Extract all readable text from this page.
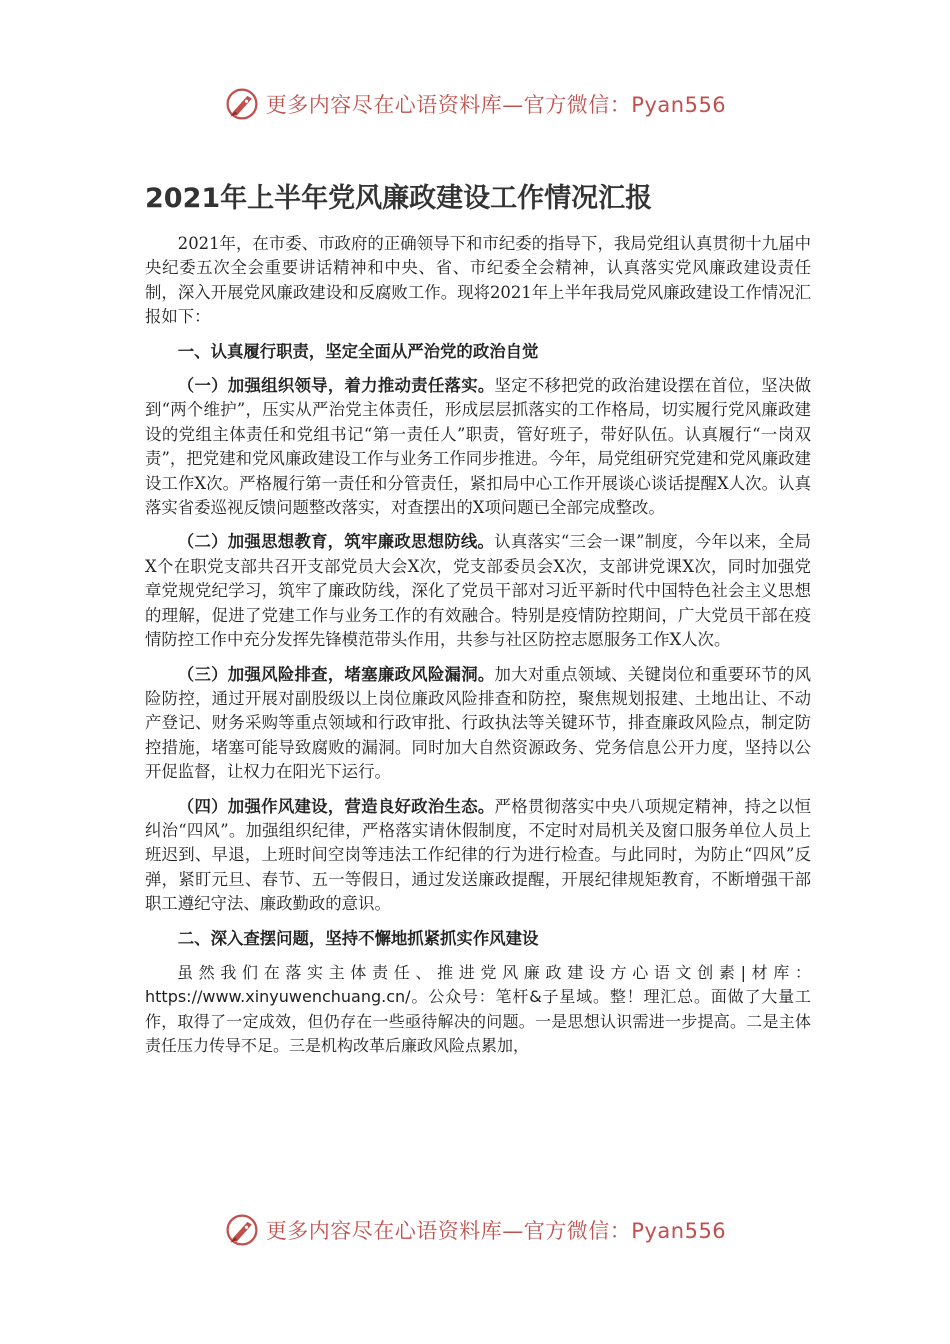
更多内容尽在心语资料库—官方微信：Pyan556
2021年上半年党风廉政建设工作情况汇报

2021年，在市委、市政府的正确领导下和市纪委的指导下，我局党组认真贯彻十九届中央纪委五次全会重要讲话精神和中央、省、市纪委全会精神，认真落实党风廉政建设责任制，深入开展党风廉政建设和反腐败工作。现将2021年上半年我局党风廉政建设工作情况汇报如下：

一、认真履行职责，坚定全面从严治党的政治自觉

（一）加强组织领导，着力推动责任落实。坚定不移把党的政治建设摆在首位，坚决做到“两个维护”，压实从严治党主体责任，形成层层抓落实的工作格局，切实履行党风廉政建设的党组主体责任和党组书记“第一责任人”职责，管好班子，带好队伍。认真履行“一岗双责”，把党建和党风廉政建设工作与业务工作同步推进。今年，局党组研究党建和党风廉政建设工作X次。严格履行第一责任和分管责任，紧扣局中心工作开展谈心谈话提醒X人次。认真落实省委巡视反馈问题整改落实，对查摆出的X项问题已全部完成整改。

（二）加强思想教育，筑牢廉政思想防线。认真落实“三会一课”制度，今年以来，全局X个在职党支部共召开支部党员大会X次，党支部委员会X次，支部讲党课X次，同时加强党章党规党纪学习，筑牢了廉政防线，深化了党员干部对习近平新时代中国特色社会主义思想的理解，促进了党建工作与业务工作的有效融合。特别是疫情防控期间，广大党员干部在疫情防控工作中充分发挥先锋模范带头作用，共参与社区防控志愿服务工作X人次。

（三）加强风险排查，堵塞廉政风险漏洞。加大对重点领域、关键岗位和重要环节的风险防控，通过开展对副股级以上岗位廉政风险排查和防控，聚焦规划报建、土地出让、不动产登记、财务采购等重点领域和行政审批、行政执法等关键环节，排查廉政风险点，制定防控措施，堵塞可能导致腐败的漏洞。同时加大自然资源政务、党务信息公开力度，坚持以公开促监督，让权力在阳光下运行。

（四）加强作风建设，营造良好政治生态。严格贯彻落实中央八项规定精神，持之以恒纠治“四风”。加强组织纪律，严格落实请休假制度，不定时对局机关及窗口服务单位人员上班迟到、早退，上班时间空岗等违法工作纪律的行为进行检查。与此同时，为防止“四风”反弹，紧盯元旦、春节、五一等假日，通过发送廉政提醒，开展纪律规矩教育，不断增强干部职工遵纪守法、廉政勤政的意识。

二、深入查摆问题，坚持不懈地抓紧抓实作风建设

虽然我们在落实主体责任、推进党风廉政建设方心语文创素|材库：https://www.xinyuwenchuang.cn/。公众号：笔杆&子星域。整！理汇总。面做了大量工作，取得了一定成效，但仍存在一些亟待解决的问题。一是思想认识需进一步提高。二是主体责任压力传导不足。三是机构改革后廉政风险点累加，

更多内容尽在心语资料库—官方微信：Pyan556
